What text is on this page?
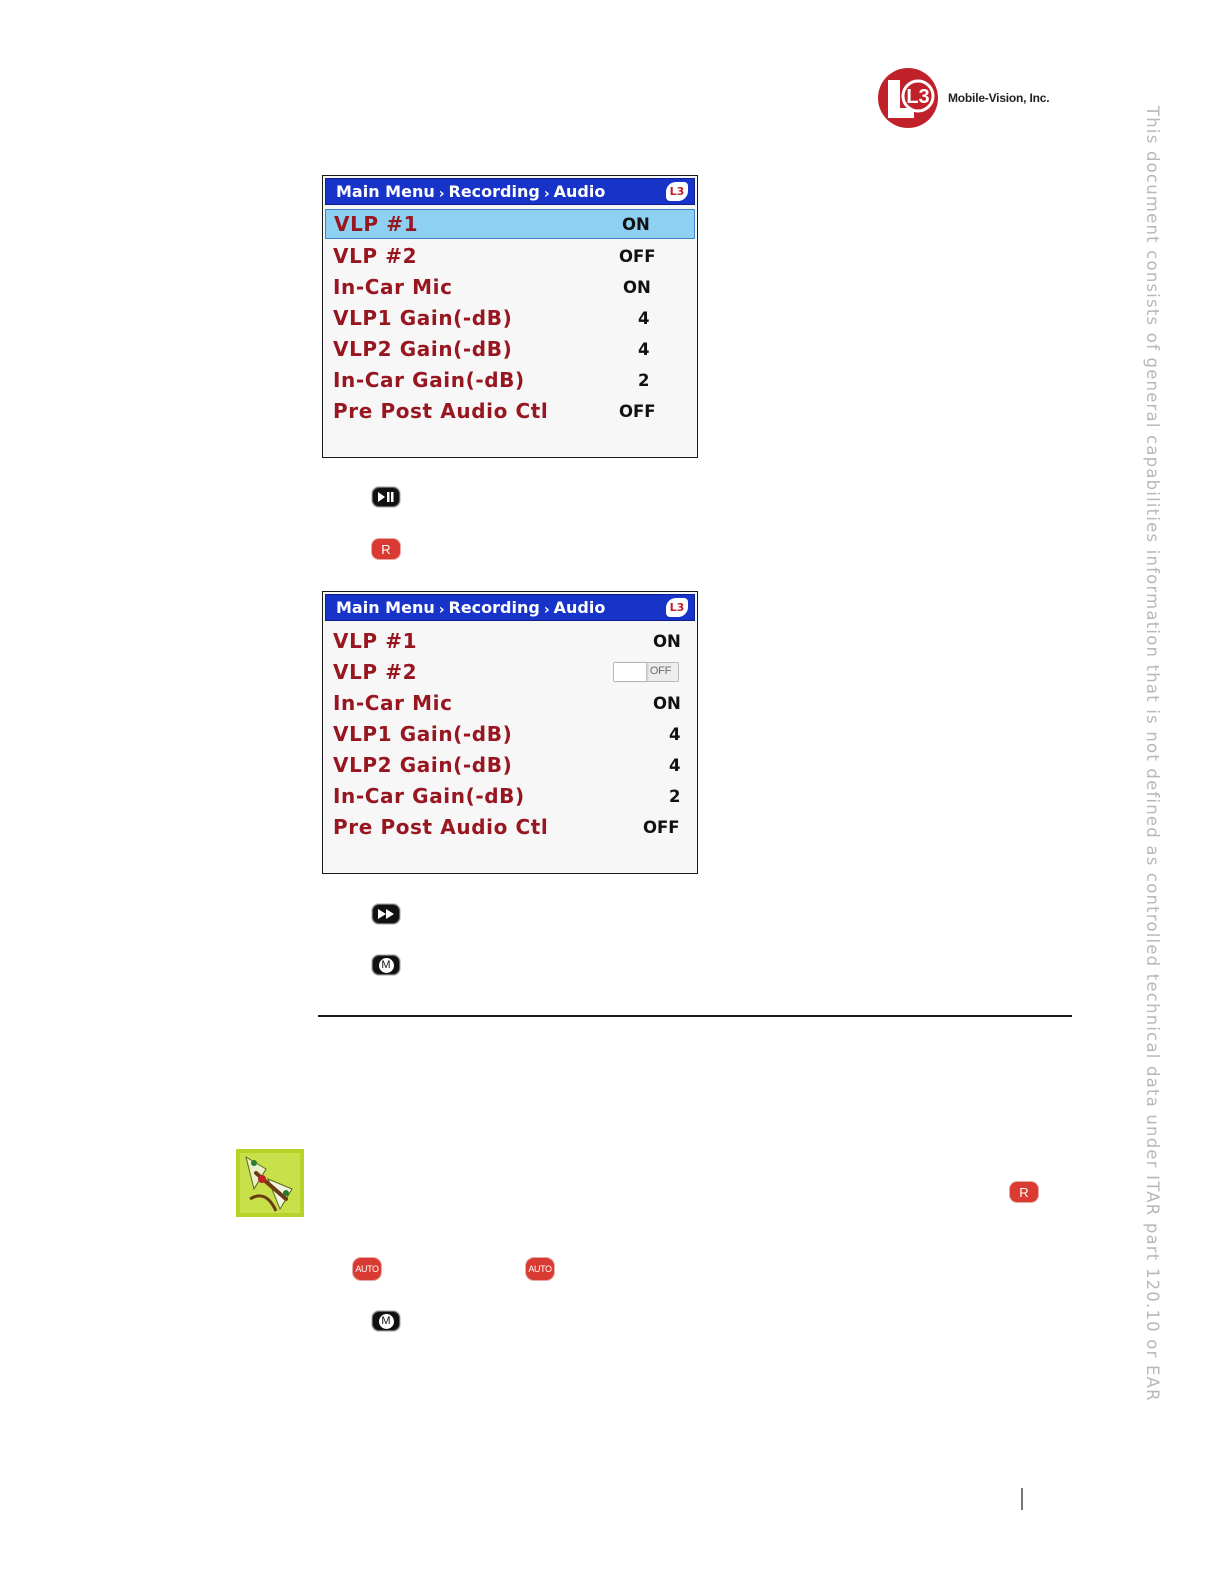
L3 Mobile-Vision, Inc.
This document consists of general capabilities information that is not defined as controlled technical data under ITAR part 120.10 or EAR
Main Menu › Recording › Audio	L3
VLP #1	ON
VLP #2	OFF
In-Car Mic	ON
VLP1 Gain(-dB)	4
VLP2 Gain(-dB)	4
In-Car Gain(-dB)	2
Pre Post Audio Ctl	OFF
R
Main Menu › Recording › Audio	L3
VLP #1	ON
VLP #2	OFF
In-Car Mic	ON
VLP1 Gain(-dB)	4
VLP2 Gain(-dB)	4
In-Car Gain(-dB)	2
Pre Post Audio Ctl	OFF
M
R
AUTO	AUTO
M
